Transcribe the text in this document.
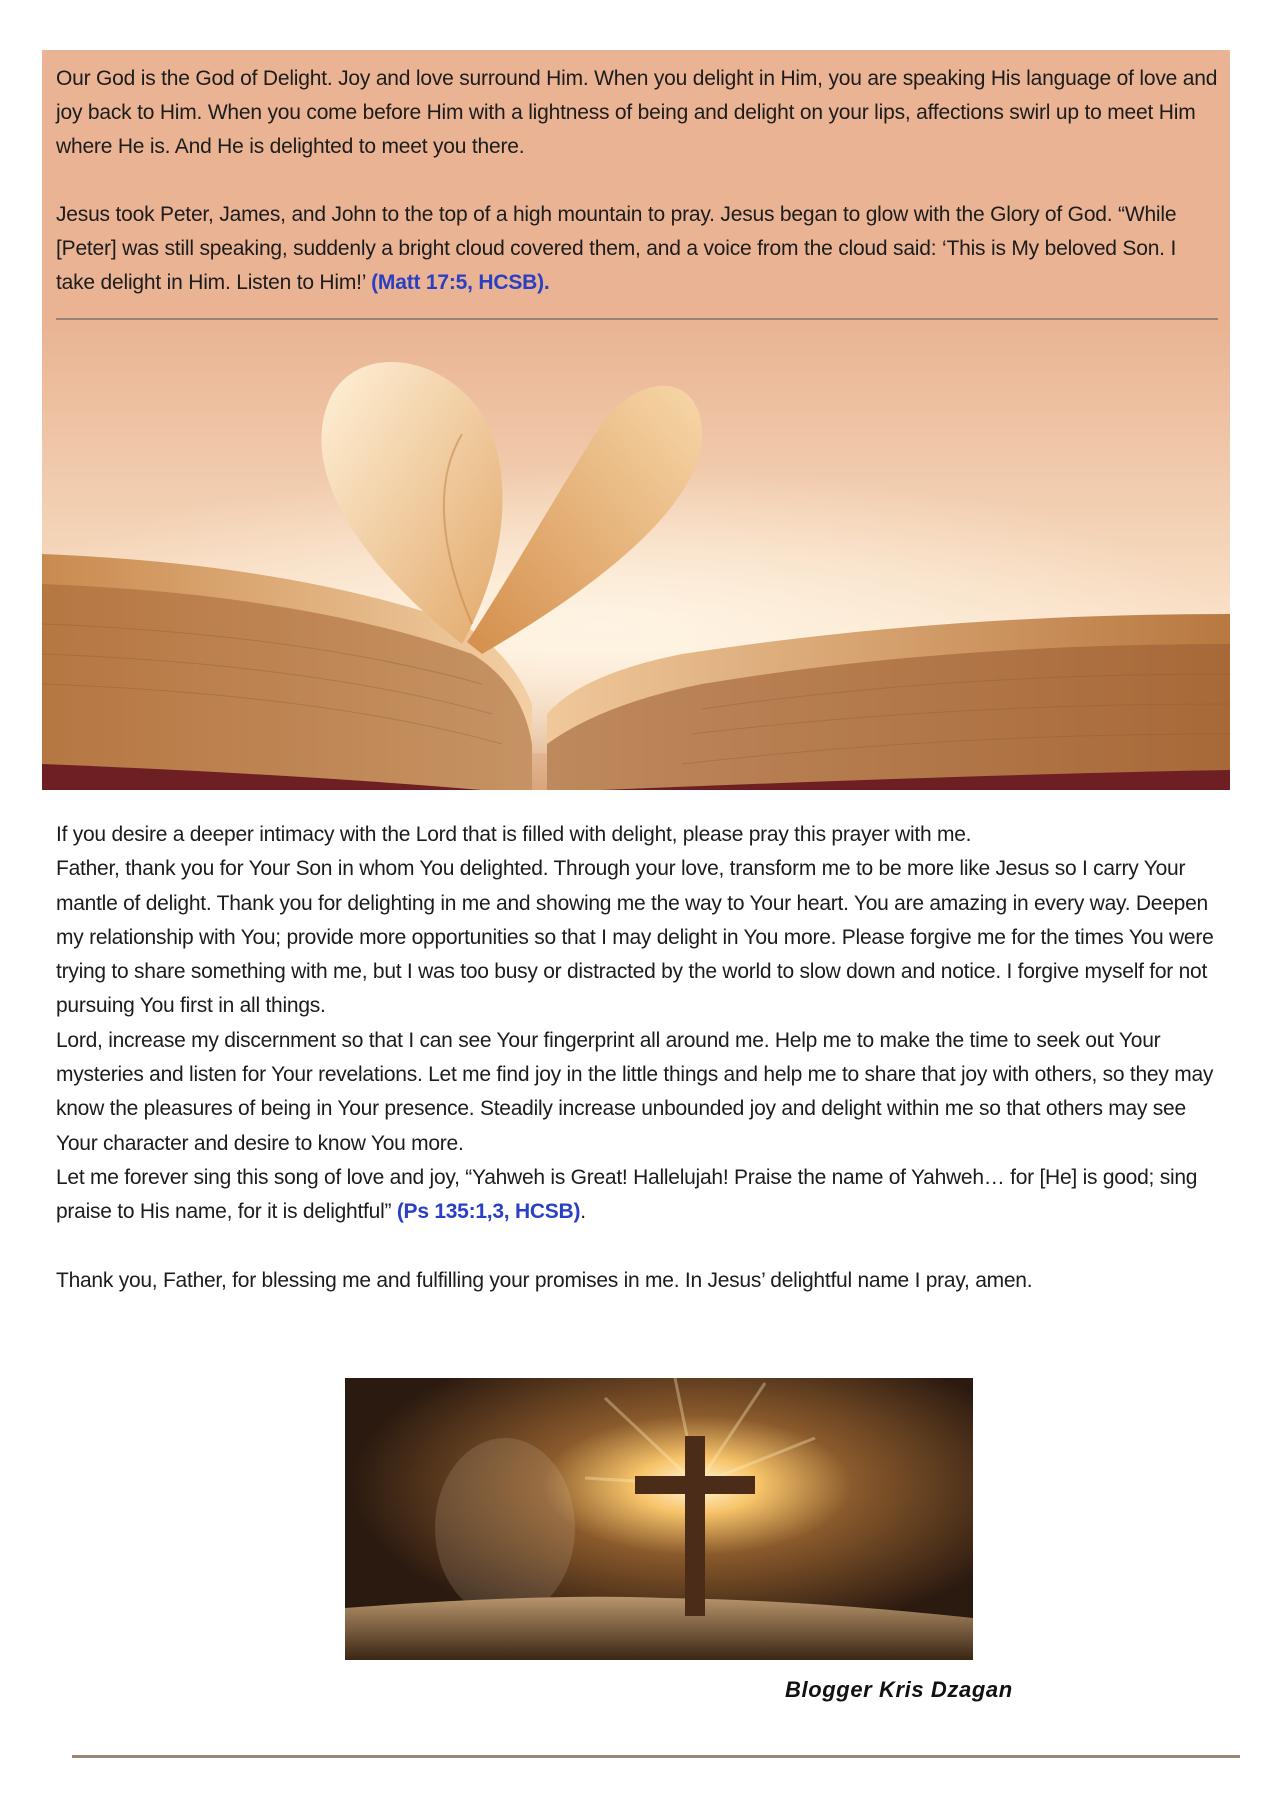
Our God is the God of Delight. Joy and love surround Him. When you delight in Him, you are speaking His language of love and joy back to Him. When you come before Him with a lightness of being and delight on your lips, affections swirl up to meet Him where He is. And He is delighted to meet you there.

Jesus took Peter, James, and John to the top of a high mountain to pray. Jesus began to glow with the Glory of God. “While [Peter] was still speaking, suddenly a bright cloud covered them, and a voice from the cloud said: ‘This is My beloved Son. I take delight in Him. Listen to Him!’ (Matt 17:5, HCSB).

If you desire a deeper intimacy with the Lord that is filled with delight, please pray this prayer with me.

Father, thank you for Your Son in whom You delighted. Through your love, transform me to be more like Jesus so I carry Your mantle of delight. Thank you for delighting in me and showing me the way to Your heart. You are amazing in every way. Deepen my relationship with You; provide more opportunities so that I may delight in You more. Please forgive me for the times You were trying to share something with me, but I was too busy or distracted by the world to slow down and notice. I forgive myself for not pursuing You first in all things.

Lord, increase my discernment so that I can see Your fingerprint all around me. Help me to make the time to seek out Your mysteries and listen for Your revelations. Let me find joy in the little things and help me to share that joy with others, so they may know the pleasures of being in Your presence. Steadily increase unbounded joy and delight within me so that others may see Your character and desire to know You more.

Let me forever sing this song of love and joy, “Yahweh is Great! Hallelujah! Praise the name of Yahweh… for [He] is good; sing praise to His name, for it is delightful” (Ps 135:1,3, HCSB).

Thank you, Father, for blessing me and fulfilling your promises in me. In Jesus’ delightful name I pray, amen.

Blogger Kris Dzagan
